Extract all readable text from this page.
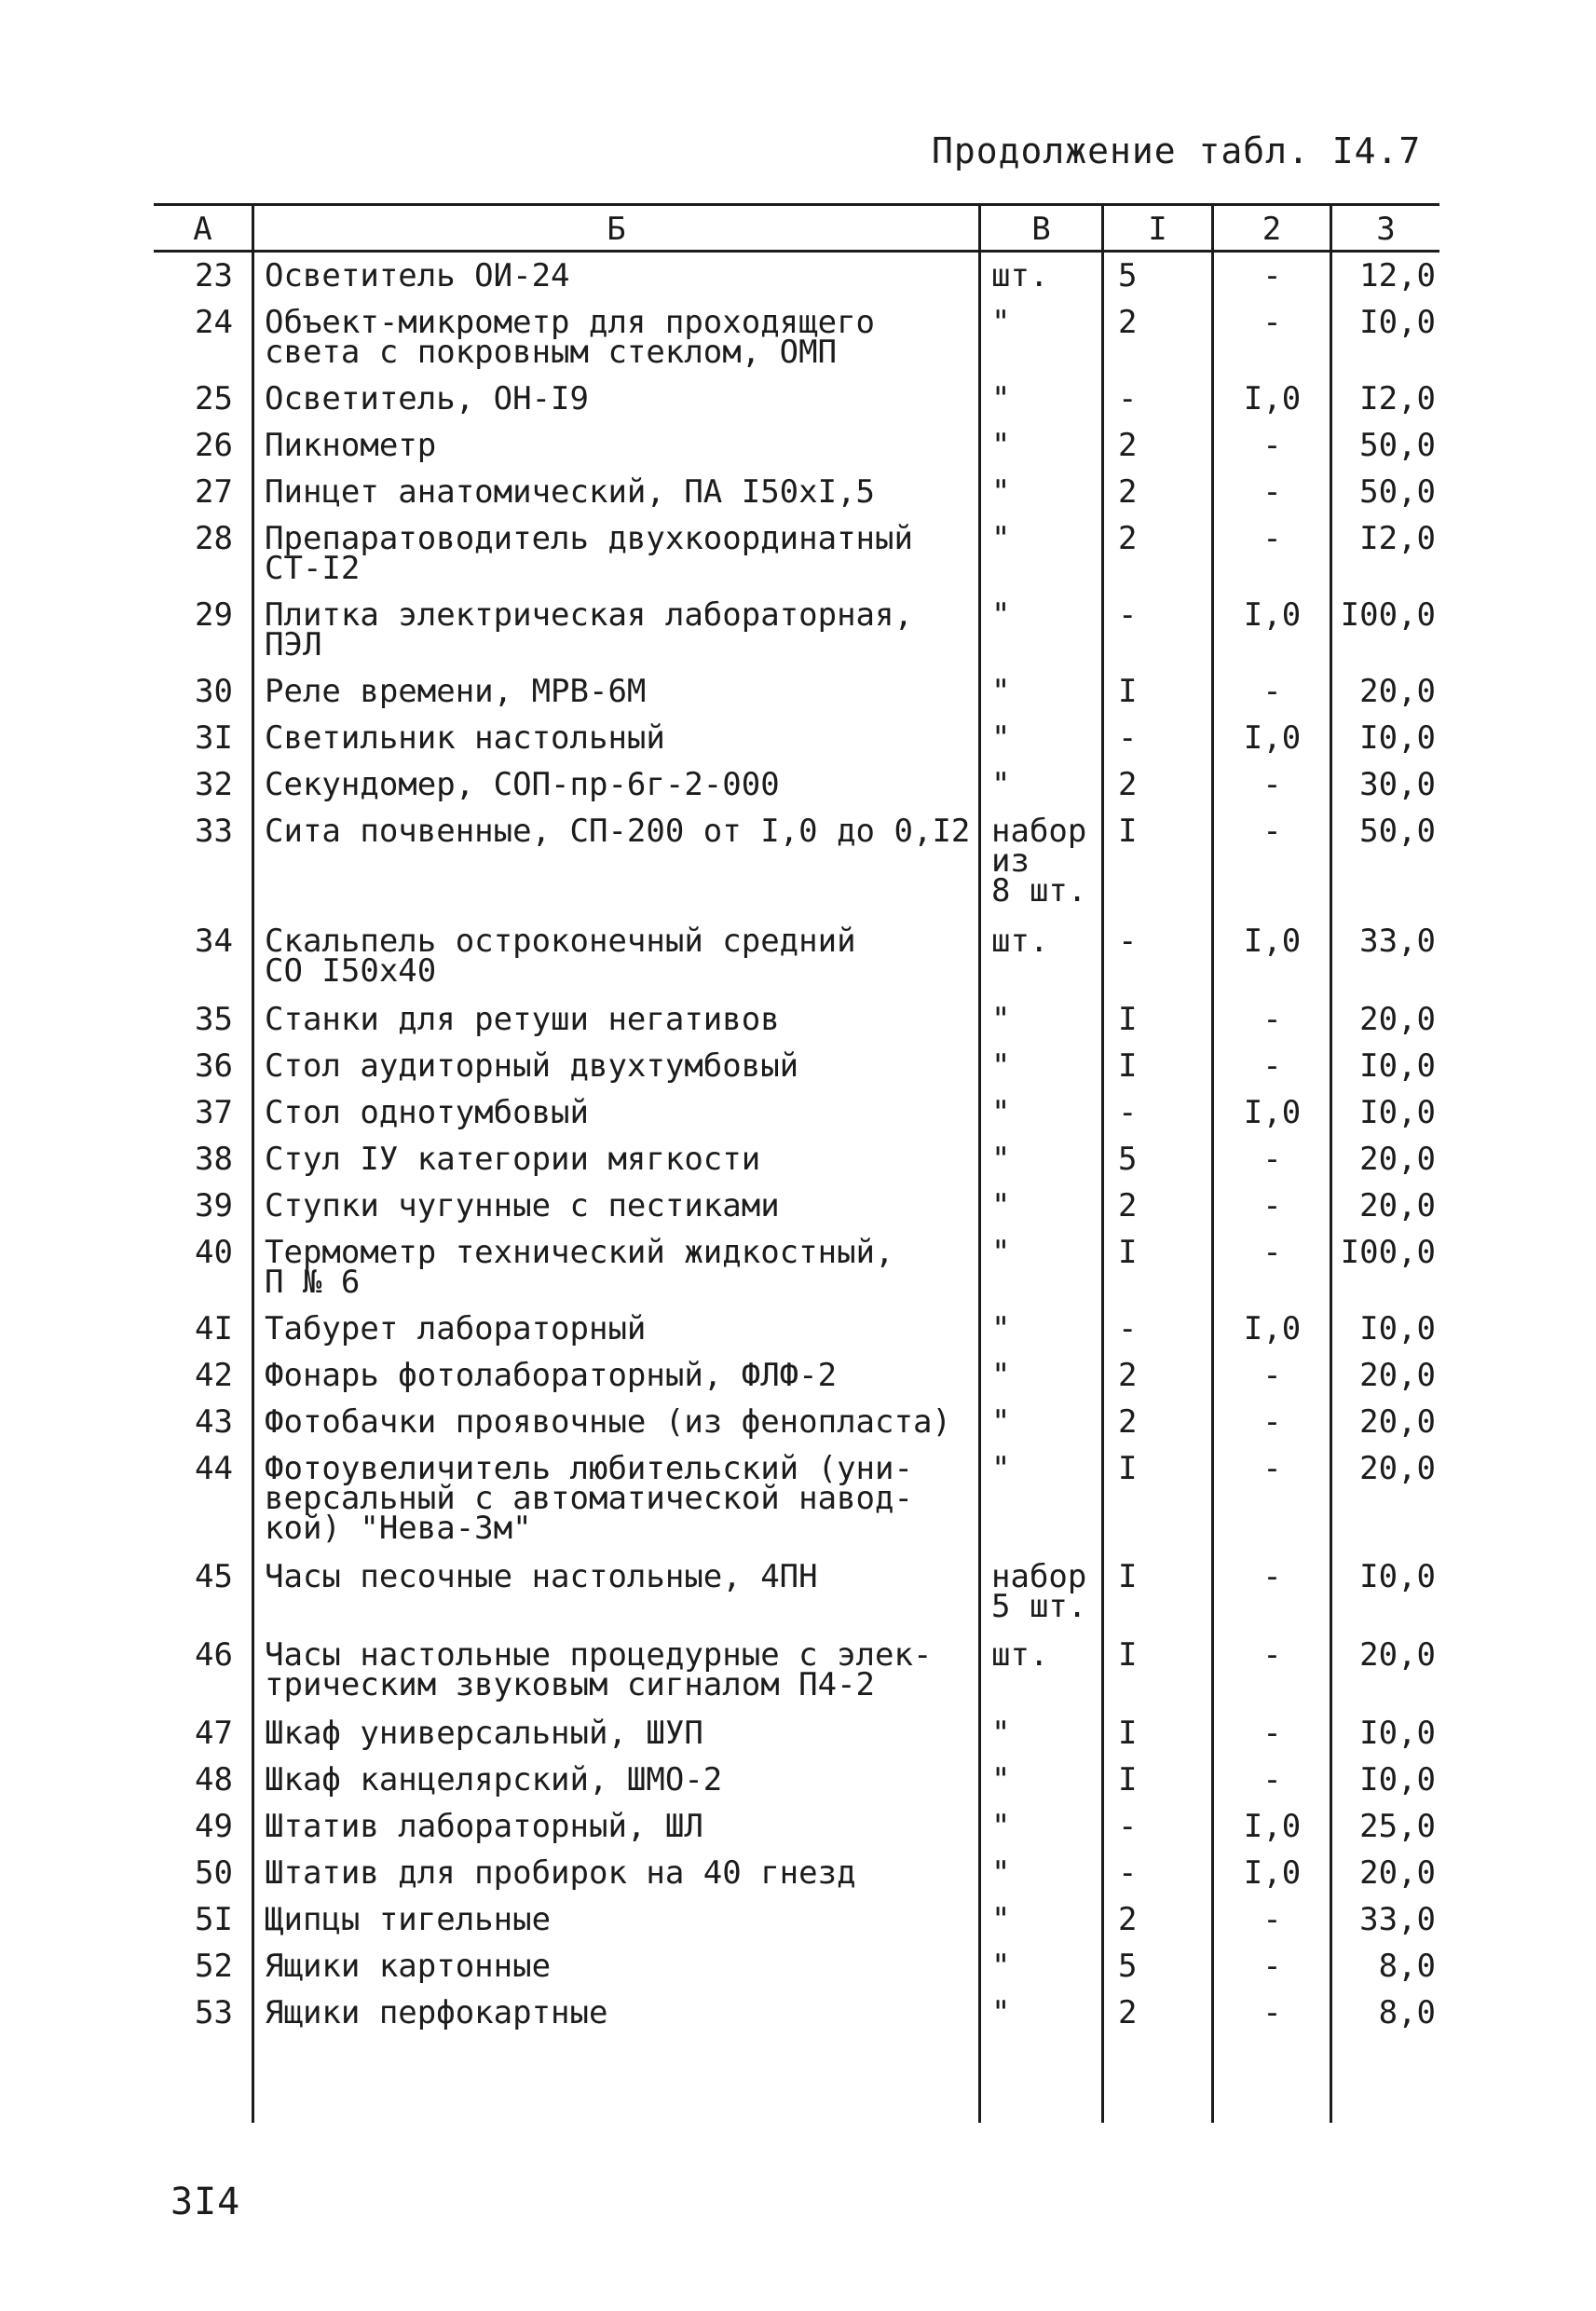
Продолжение табл. I4.7
А	Б	В	I	2	3
23	Осветитель ОИ-24	шт.	5	-	12,0
24	Объект-микрометр для проходящего
света с покровным стеклом, ОМП	"	2	-	I0,0
25	Осветитель, ОН-I9	"	-	I,0	I2,0
26	Пикнометр	"	2	-	50,0
27	Пинцет анатомический, ПА I50xI,5	"	2	-	50,0
28	Препаратоводитель двухкоординатный
СТ-I2	"	2	-	I2,0
29	Плитка электрическая лабораторная,
ПЭЛ	"	-	I,0	I00,0
30	Реле времени, МРВ-6М	"	I	-	20,0
3I	Светильник настольный	"	-	I,0	I0,0
32	Секундомер, СОП-пр-6г-2-000	"	2	-	30,0
33	Сита почвенные, СП-200 от I,0 до 0,I2	набор
из
8 шт.	I	-	50,0
34	Скальпель остроконечный средний
СО I50x40	шт.	-	I,0	33,0
35	Станки для ретуши негативов	"	I	-	20,0
36	Стол аудиторный двухтумбовый	"	I	-	I0,0
37	Стол однотумбовый	"	-	I,0	I0,0
38	Стул IУ категории мягкости	"	5	-	20,0
39	Ступки чугунные с пестиками	"	2	-	20,0
40	Термометр технический жидкостный,
П № 6	"	I	-	I00,0
4I	Табурет лабораторный	"	-	I,0	I0,0
42	Фонарь фотолабораторный, ФЛФ-2	"	2	-	20,0
43	Фотобачки проявочные (из фенопласта)	"	2	-	20,0
44	Фотоувеличитель любительский (уни-
версальный с автоматической навод-
кой) "Нева-3м"	"	I	-	20,0
45	Часы песочные настольные, 4ПН	набор
5 шт.	I	-	I0,0
46	Часы настольные процедурные с элек-
трическим звуковым сигналом П4-2	шт.	I	-	20,0
47	Шкаф универсальный, ШУП	"	I	-	I0,0
48	Шкаф канцелярский, ШМО-2	"	I	-	I0,0
49	Штатив лабораторный, ШЛ	"	-	I,0	25,0
50	Штатив для пробирок на 40 гнезд	"	-	I,0	20,0
5I	Щипцы тигельные	"	2	-	33,0
52	Ящики картонные	"	5	-	8,0
53	Ящики перфокартные	"	2	-	8,0
3I4
